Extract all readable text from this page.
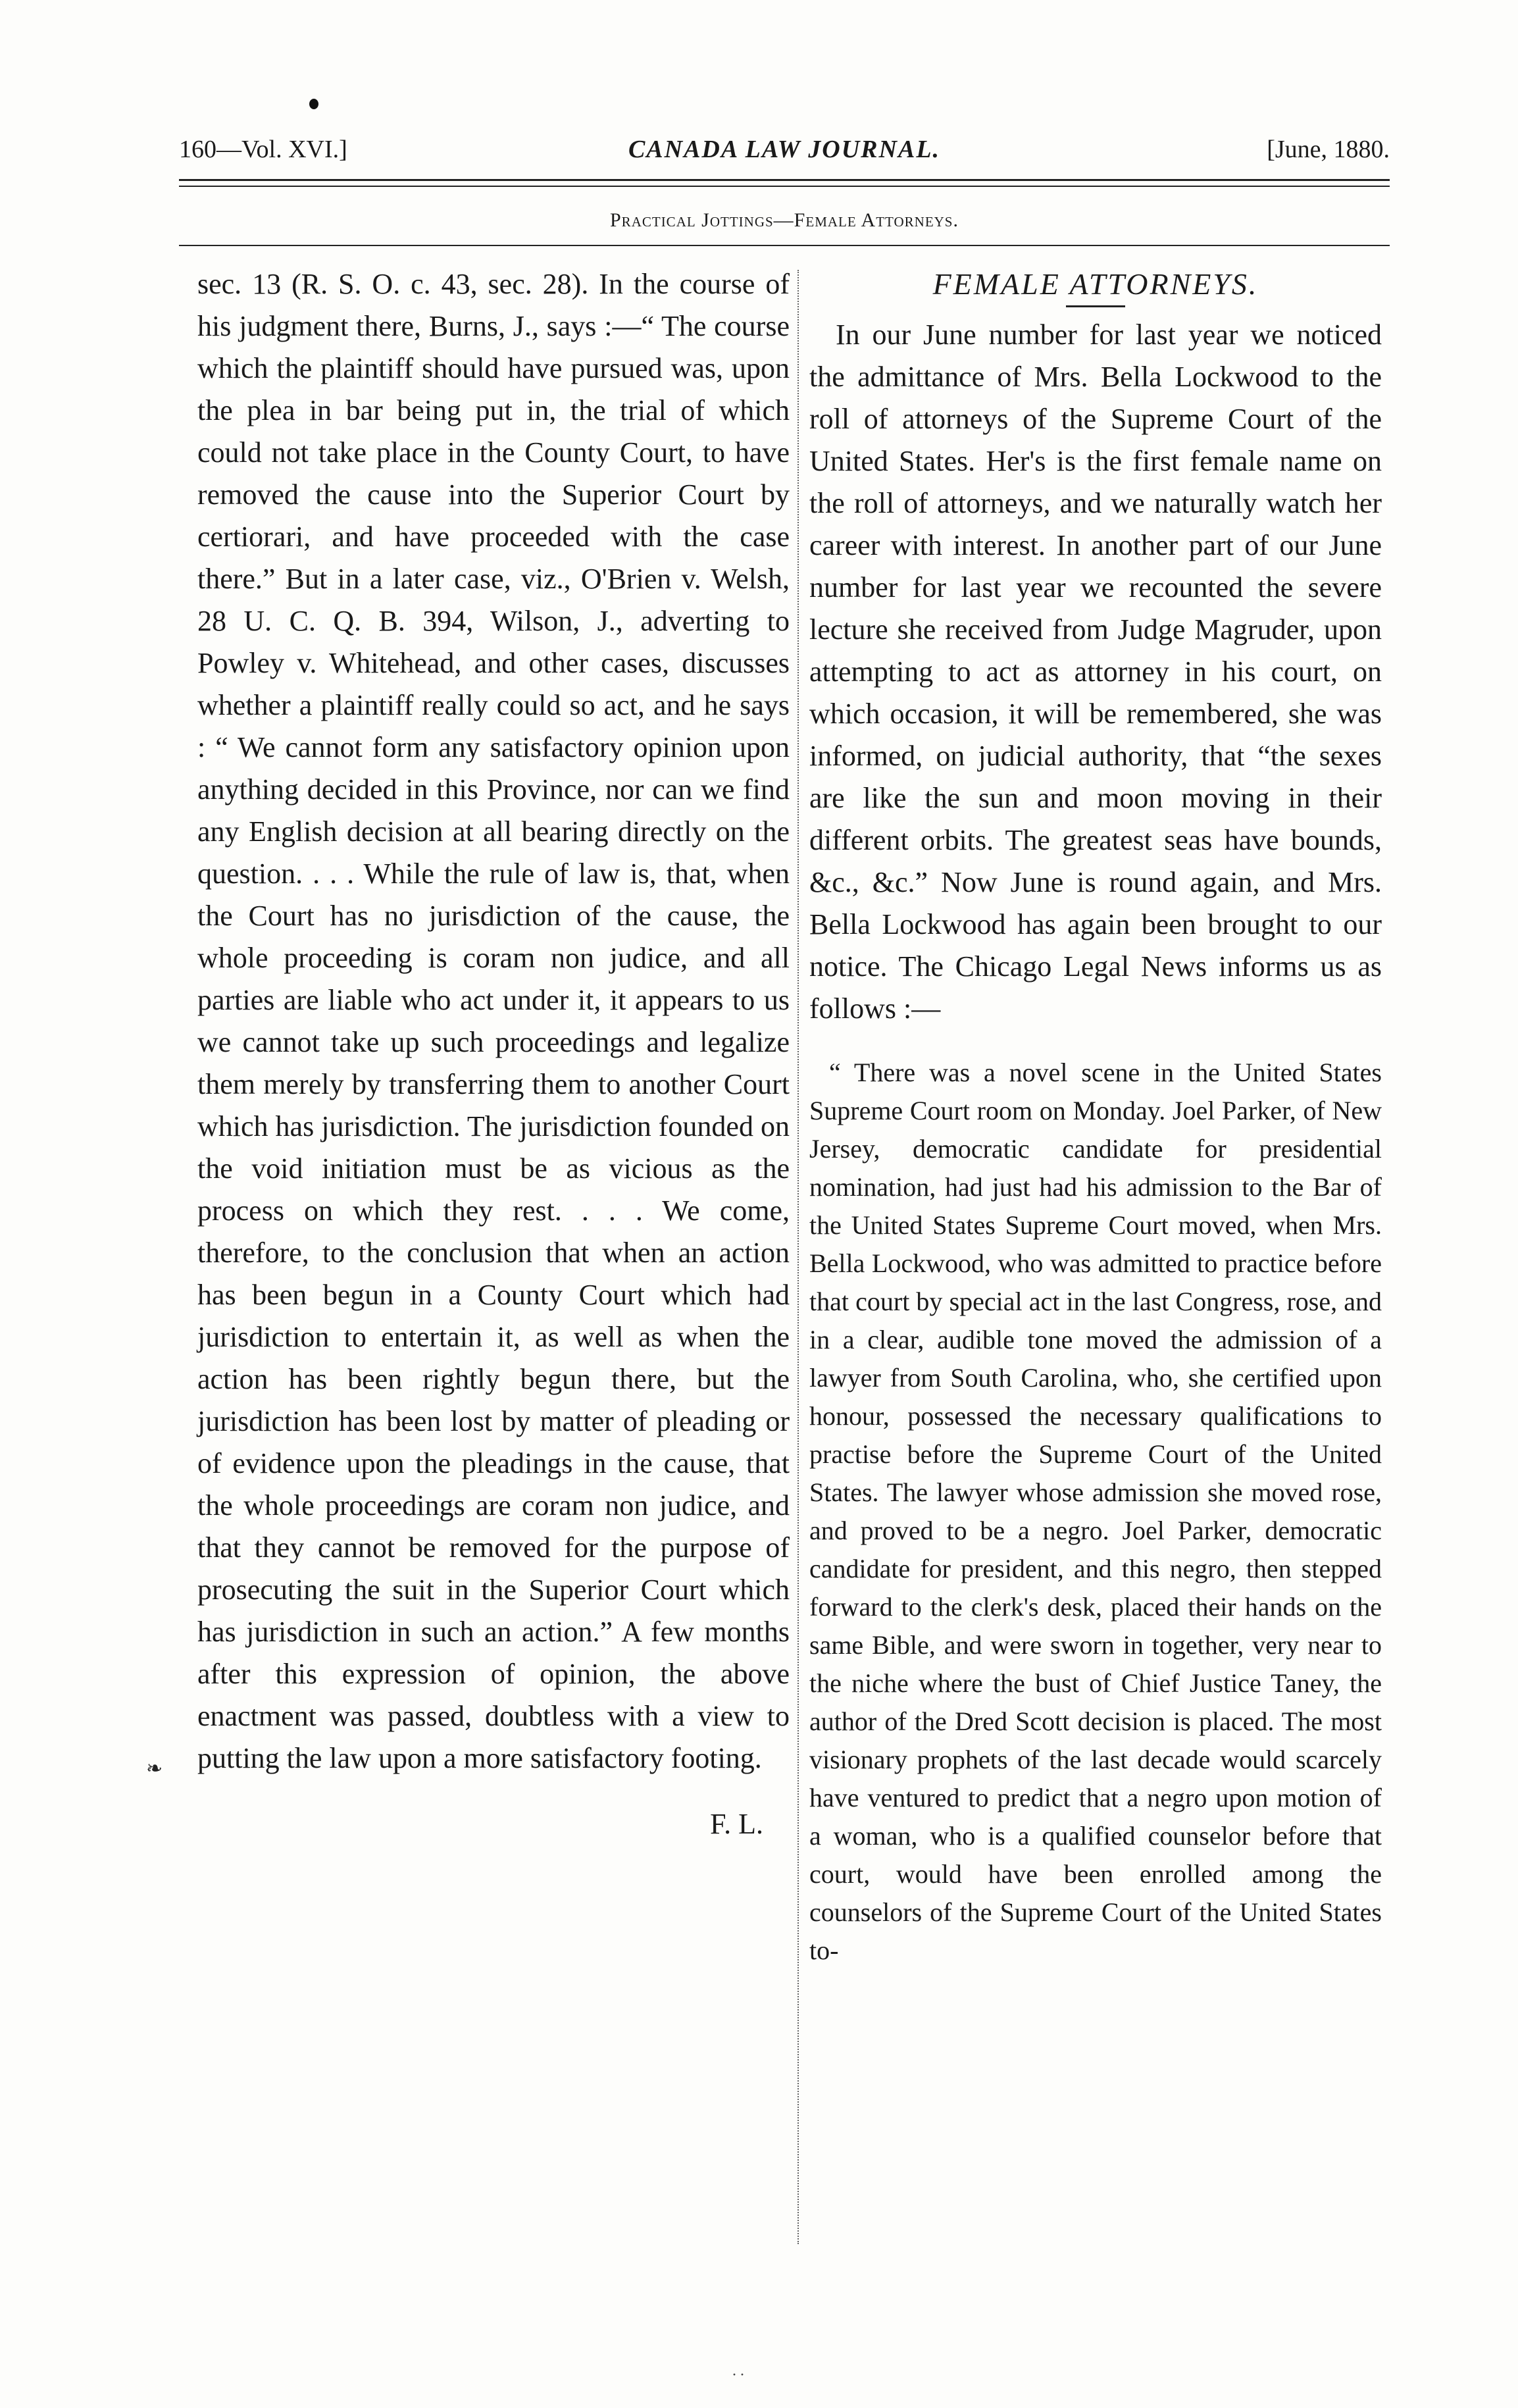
160—Vol. XVI.]	CANADA LAW JOURNAL.	[June, 1880.
Practical Jottings—Female Attorneys.

sec. 13 (R. S. O. c. 43, sec. 28). In the course of his judgment there, Burns, J., says :—“ The course which the plaintiff should have pursued was, upon the plea in bar being put in, the trial of which could not take place in the County Court, to have removed the cause into the Superior Court by certiorari, and have proceeded with the case there.” But in a later case, viz., O'Brien v. Welsh, 28 U. C. Q. B. 394, Wilson, J., adverting to Powley v. Whitehead, and other cases, discusses whether a plaintiff really could so act, and he says : “ We cannot form any satisfactory opinion upon anything decided in this Province, nor can we find any English decision at all bearing directly on the question. . . . While the rule of law is, that, when the Court has no jurisdiction of the cause, the whole proceeding is coram non judice, and all parties are liable who act under it, it appears to us we cannot take up such proceedings and legalize them merely by transferring them to another Court which has jurisdiction. The jurisdiction founded on the void initiation must be as vicious as the process on which they rest. . . . We come, therefore, to the conclusion that when an action has been begun in a County Court which had jurisdiction to entertain it, as well as when the action has been rightly begun there, but the jurisdiction has been lost by matter of pleading or of evidence upon the pleadings in the cause, that the whole proceedings are coram non judice, and that they cannot be removed for the purpose of prosecuting the suit in the Superior Court which has jurisdiction in such an action.” A few months after this expression of opinion, the above enactment was passed, doubtless with a view to putting the law upon a more satisfactory footing.

F. L.

FEMALE ATTORNEYS.

In our June number for last year we noticed the admittance of Mrs. Bella Lockwood to the roll of attorneys of the Supreme Court of the United States. Her's is the first female name on the roll of attorneys, and we naturally watch her career with interest. In another part of our June number for last year we recounted the severe lecture she received from Judge Magruder, upon attempting to act as attorney in his court, on which occasion, it will be remembered, she was informed, on judicial authority, that “the sexes are like the sun and moon moving in their different orbits. The greatest seas have bounds, &c., &c.” Now June is round again, and Mrs. Bella Lockwood has again been brought to our notice. The Chicago Legal News informs us as follows :—

“ There was a novel scene in the United States Supreme Court room on Monday. Joel Parker, of New Jersey, democratic candidate for presidential nomination, had just had his admission to the Bar of the United States Supreme Court moved, when Mrs. Bella Lockwood, who was admitted to practice before that court by special act in the last Congress, rose, and in a clear, audible tone moved the admission of a lawyer from South Carolina, who, she certified upon honour, possessed the necessary qualifications to practise before the Supreme Court of the United States. The lawyer whose admission she moved rose, and proved to be a negro. Joel Parker, democratic candidate for president, and this negro, then stepped forward to the clerk's desk, placed their hands on the same Bible, and were sworn in together, very near to the niche where the bust of Chief Justice Taney, the author of the Dred Scott decision is placed. The most visionary prophets of the last decade would scarcely have ventured to predict that a negro upon motion of a woman, who is a qualified counselor before that court, would have been enrolled among the counselors of the Supreme Court of the United States to-

❧
··
